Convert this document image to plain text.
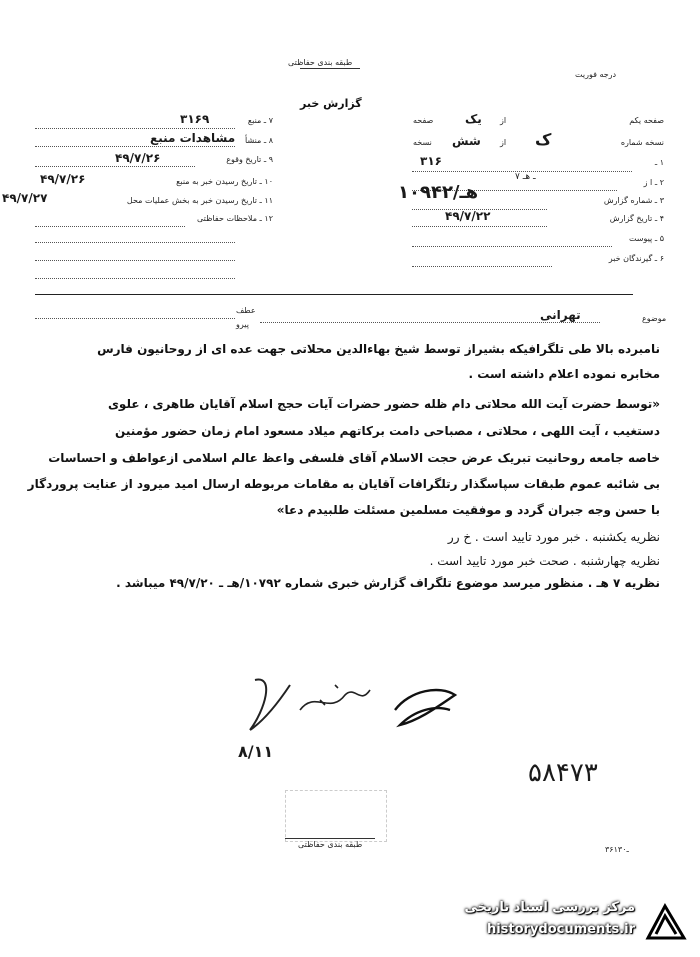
طبقه بندی حفاظتی
درجه فوریت
گزارش خبر
صفحه یکم
از
صفحه	یک
نسخه شماره
از
نسخه شش	ک
۱ ـ
۳۱۶
۲ ـ ا ز
۷ ـ هـ
۳ ـ شماره گزارش
۱۰۹۴۲/هـ
۴ ـ تاریخ گزارش
۴۹/۷/۲۲
۵ ـ پیوست
۶ ـ گیرندگان خبر
۷ ـ منبع
۳۱۶۹
۸ ـ منشأ
مشاهدات منبع
۹ ـ تاریخ وقوع
۴۹/۷/۲۶
۱۰ ـ تاریخ رسیدن خبر به منبع
۴۹/۷/۲۶
۱۱ ـ تاریخ رسیدن خبر به بخش عملیات محل
۴۹/۷/۲۷
۱۲ ـ ملاحظات حفاظتی
موضوع
تهرانی
عطف
پیرو
نامبرده بالا طی تلگرافیکه بشیراز توسط شیخ بهاءالدین محلاتی جهت عده ای از روحانیون فارس
مخابره نموده اعلام داشته است .
«توسط حضرت آیت الله محلاتی دام ظله حضور حضرات آیات حجج اسلام آقایان طاهری ، علوی
دستغیب ، آیت اللهی ، محلاتی ، مصباحی دامت برکاتهم میلاد مسعود امام زمان حضور مؤمنین
خاصه جامعه روحانیت تبریک عرض حجت الاسلام آقای فلسفی واعظ عالم اسلامی ازعواطف و احساسات
بی شائبه عموم طبقات سپاسگذار رتلگرافات آقایان به مقامات مربوطه ارسال امید میرود از عنایت پروردگار
با حسن وجه جبران گردد و موفقیت مسلمین مسئلت طلبیدم دعا»
نظریه یکشنبه . خبر مورد تایید است . خ‌ رر
نظریه چهارشنبه . صحت خبر مورد تایید است .
نظریه ۷ هـ . منظور میرسد موضوع تلگراف گزارش خبری شماره ۱۰۷۹۲/هـ ـ ۴۹/۷/۲۰ میباشد .
۸/۱۱
۵۸۴۷۳
طبقه بندی حفاظتی
۳۶ـ۱۳۰
مرکز بررسی اسناد تاریخی
historydocuments.ir
